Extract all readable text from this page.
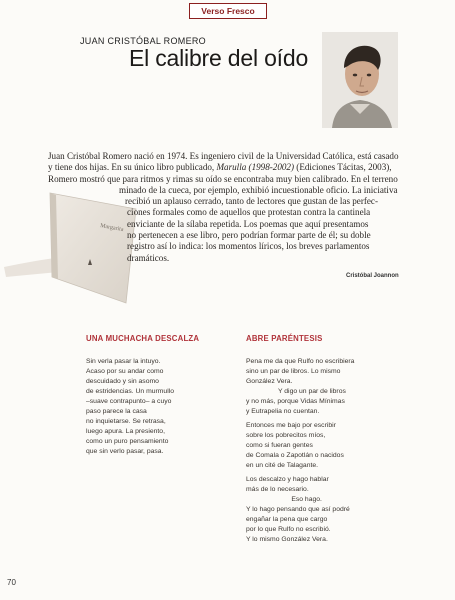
Verso Fresco
JUAN CRISTÓBAL ROMERO
El calibre del oído
Margarita
Juan Cristóbal Romero nació en 1974. Es ingeniero civil de la Universidad Católica, está casado
y tiene dos hijas. En su único libro publicado, Marulla (1998-2002) (Ediciones Tácitas, 2003),
Romero mostró que para ritmos y rimas su oído se encontraba muy bien calibrado. En el terreno
minado de la cueca, por ejemplo, exhibió incuestionable oficio. La iniciativa
recibió un aplauso cerrado, tanto de lectores que gustan de las perfec-
ciones formales como de aquellos que protestan contra la cantinela
enviciante de la sílaba repetida. Los poemas que aquí presentamos
no pertenecen a ese libro, pero podrían formar parte de él; su doble
registro así lo indica: los momentos líricos, los breves parlamentos
dramáticos.
Cristóbal Joannon
UNA MUCHACHA DESCALZA
Sin verla pasar la intuyo.
Acaso por su andar como
descuidado y sin asomo
de estridencias. Un murmullo
–suave contrapunto– a cuyo
paso parece la casa
no inquietarse. Se retrasa,
luego apura. La presiento,
como un puro pensamiento
que sin verlo pasar, pasa.
ABRE PARÉNTESIS
Pena me da que Rulfo no escribiera
sino un par de libros. Lo mismo
González Vera.
Y digo un par de libros
y no más, porque Vidas Mínimas
y Eutrapelia no cuentan.

Entonces me bajo por escribir
sobre los pobrecitos míos,
como si fueran gentes
de Comala o Zapotlán o nacidos
en un cité de Talagante.

Los descalzo y hago hablar
más de lo necesario.
Eso hago.
Y lo hago pensando que así podré
engañar la pena que cargo
por lo que Rulfo no escribió.
Y lo mismo González Vera.
70
